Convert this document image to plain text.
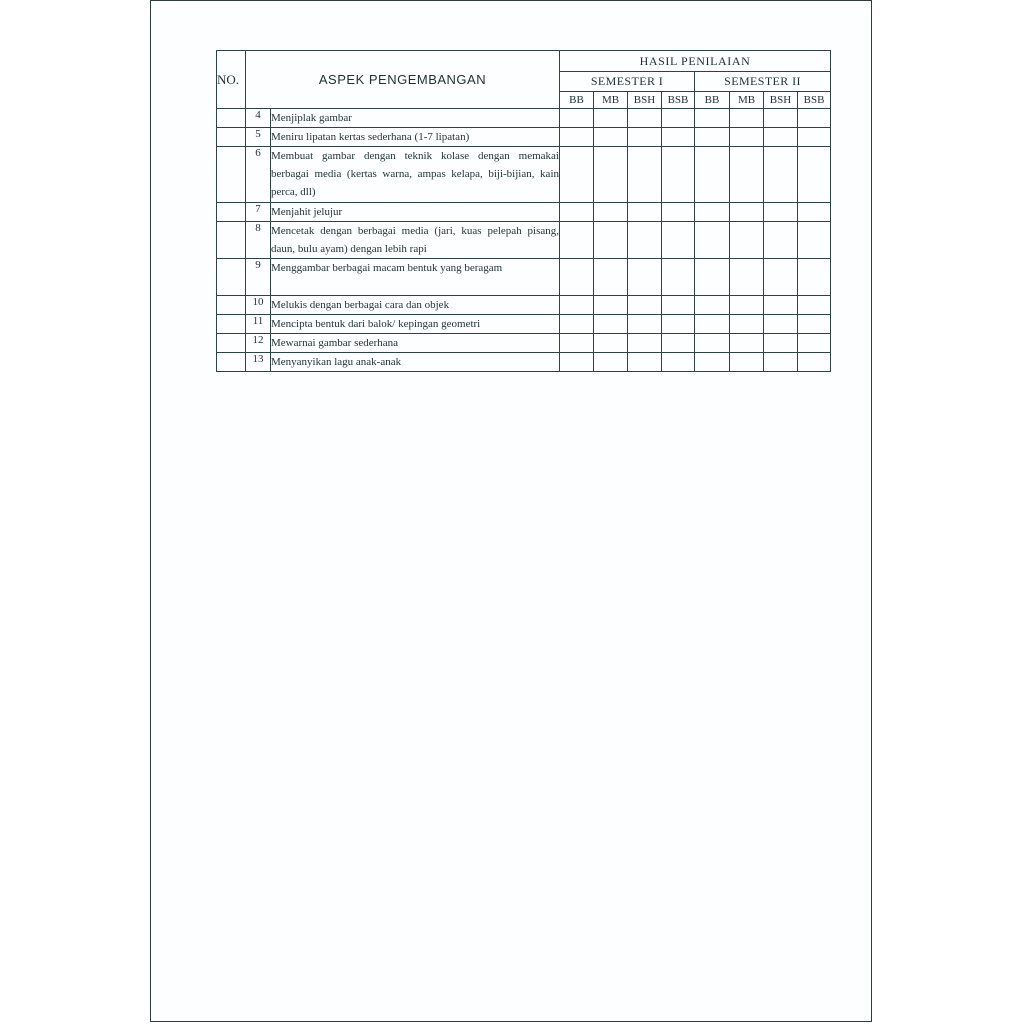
NO.	ASPEK PENGEMBANGAN		HASIL PENILAIAN							
			SEMESTER I				SEMESTER II			
			BB	MB	BSH	BSB	BB	MB	BSH	BSB
	4	Menjiplak gambar								
	5	Meniru lipatan kertas sederhana (1-7 lipatan)								
	6	Membuat gambar dengan teknik kolase dengan memakai berbagai media (kertas warna, ampas kelapa, biji-bijian, kain perca, dll)								
	7	Menjahit jelujur								
	8	Mencetak dengan berbagai media (jari, kuas pelepah pisang, daun, bulu ayam) dengan lebih rapi								
	9	Menggambar berbagai macam bentuk yang beragam								
	10	Melukis dengan berbagai cara dan objek								
	11	Mencipta bentuk dari balok/ kepingan geometri								
	12	Mewarnai gambar sederhana								
	13	Menyanyikan lagu anak-anak								
